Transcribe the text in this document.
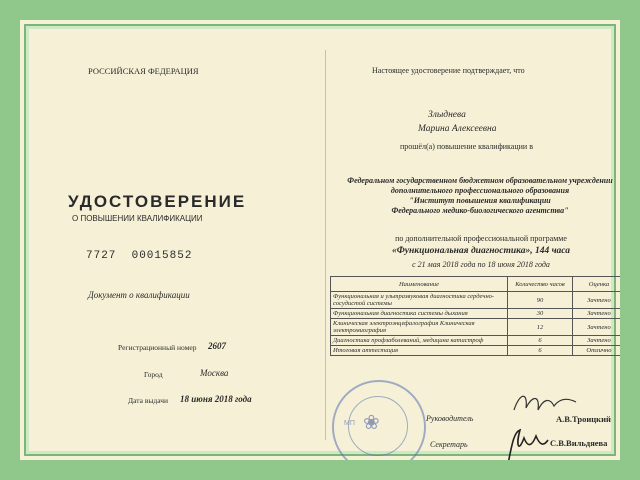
РОССИЙСКАЯ ФЕДЕРАЦИЯ
УДОСТОВЕРЕНИЕ
О ПОВЫШЕНИИ КВАЛИФИКАЦИИ
7727 00015852
Документ о квалификации
Регистрационный номер 2607
Город	Москва
Дата выдачи 18 июня 2018 года
Настоящее удостоверение подтверждает, что
Злыднева
Марина Алексеевна
прошёл(а) повышение квалификации в
Федеральном государственном бюджетном образовательном учреждении
дополнительного профессионального образования
"Институт повышения квалификации
Федерального медико-биологического агентства"
по дополнительной профессиональной программе
«Функциональная диагностика», 144 часа
с 21 мая 2018 года по 18 июня 2018 года
Наименование	Количество часов	Оценка
Функциональная и ультразвуковая диагностика сердечно-сосудистой системы	90	Зачтено
Функциональная диагностика системы дыхания	30	Зачтено
Клиническая электроэнцефалография Клиническая электромиография	12	Зачтено
Диагностика профзаболеваний, медицина катастроф	6	Зачтено
Итоговая аттестация	6	Отлично
❀
МП
Руководитель	А.В.Троицкий
Секретарь	С.В.Вильдяева
